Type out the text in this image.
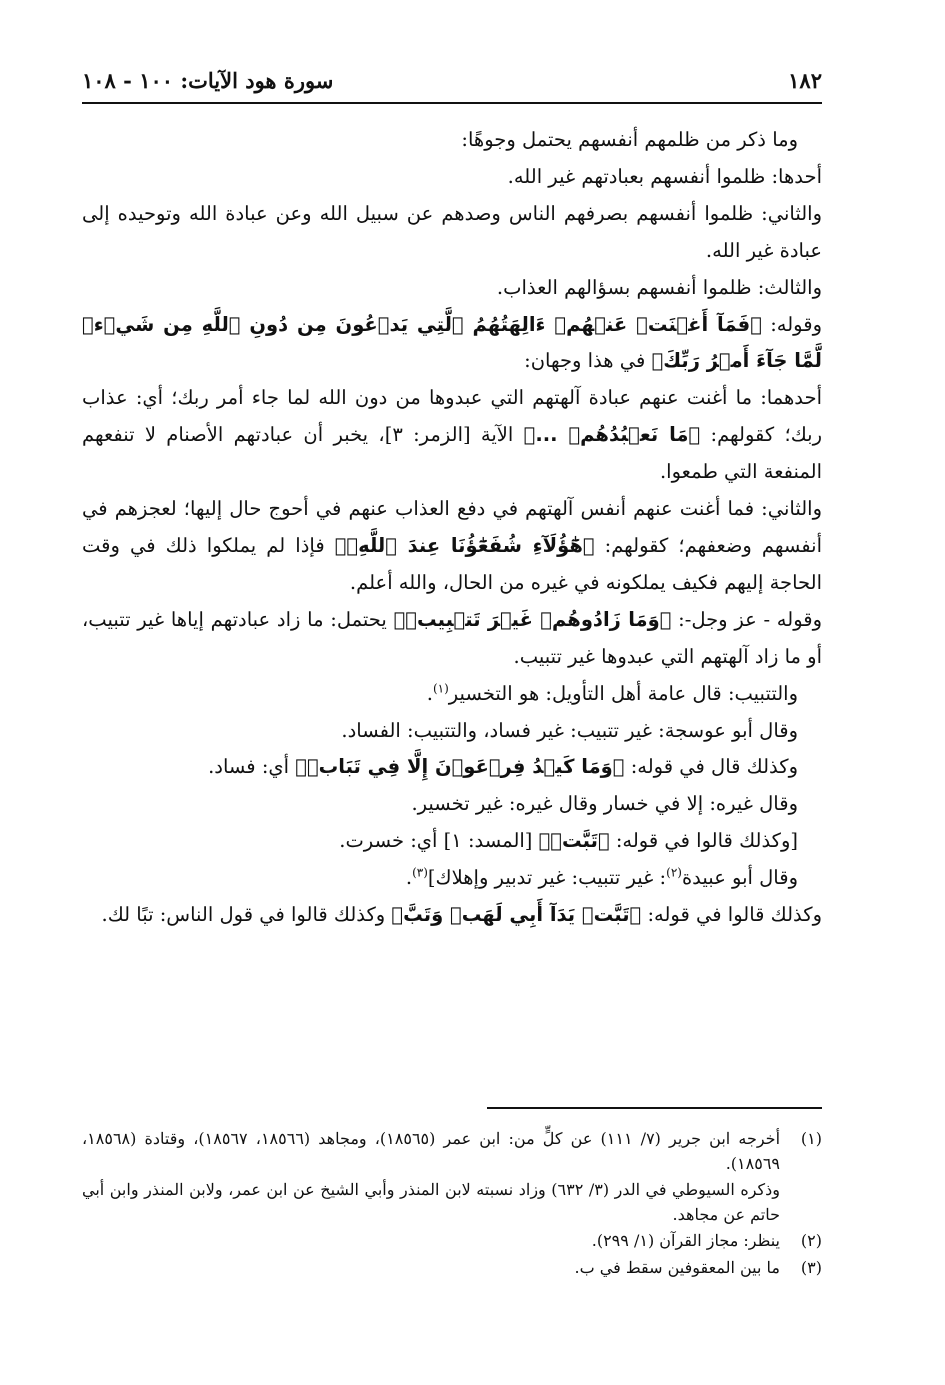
١٨٢
سورة هود الآيات: ١٠٠ - ١٠٨

وما ذكر من ظلمهم أنفسهم يحتمل وجوهًا:

أحدها: ظلموا أنفسهم بعبادتهم غير الله.

والثاني: ظلموا أنفسهم بصرفهم الناس وصدهم عن سبيل الله وعن عبادة الله وتوحيده إلى عبادة غير الله.

والثالث: ظلموا أنفسهم بسؤالهم العذاب.

وقوله: ﴿فَمَآ أَغۡنَتۡ عَنۡهُمۡ ءَالِهَتُهُمُ ٱلَّتِي يَدۡعُونَ مِن دُونِ ٱللَّهِ مِن شَيۡءٖ لَّمَّا جَآءَ أَمۡرُ رَبِّكَ﴾ في هذا وجهان:

أحدهما: ما أغنت عنهم عبادة آلهتهم التي عبدوها من دون الله لما جاء أمر ربك؛ أي: عذاب ربك؛ كقولهم: ﴿مَا نَعۡبُدُهُمۡ ...﴾ الآية [الزمر: ٣]، يخبر أن عبادتهم الأصنام لا تنفعهم المنفعة التي طمعوا.

والثاني: فما أغنت عنهم أنفس آلهتهم في دفع العذاب عنهم في أحوج حال إليها؛ لعجزهم في أنفسهم وضعفهم؛ كقولهم: ﴿هَٰٓؤُلَآءِ شُفَعَٰٓؤُنَا عِندَ ٱللَّهِۚ﴾ فإذا لم يملكوا ذلك في وقت الحاجة إليهم فكيف يملكونه في غيره من الحال، والله أعلم.

وقوله - عز وجل-: ﴿وَمَا زَادُوهُمۡ غَيۡرَ تَتۡبِيبٖ﴾ يحتمل: ما زاد عبادتهم إياها غير تتبيب، أو ما زاد آلهتهم التي عبدوها غير تتبيب.

والتتبيب: قال عامة أهل التأويل: هو التخسير$^{(١)}$.

وقال أبو عوسجة: غير تتبيب: غير فساد، والتتبيب: الفساد.

وكذلك قال في قوله: ﴿وَمَا كَيۡدُ فِرۡعَوۡنَ إِلَّا فِي تَبَابٖ﴾ أي: فساد.

وقال غيره: إلا في خسار وقال غيره: غير تخسير.

[وكذلك قالوا في قوله: ﴿تَبَّتۡ﴾ [المسد: ١] أي: خسرت.

وقال أبو عبيدة$^{(٢)}$: غير تتبيب: غير تدبير وإهلاك]$^{(٣)}$.

وكذلك قالوا في قوله: ﴿تَبَّتۡ يَدَآ أَبِي لَهَبٖ وَتَبَّ﴾ وكذلك قالوا في قول الناس: تبًا لك.

(١)
أخرجه ابن جرير (٧/ ١١١) عن كلٍّ من: ابن عمر (١٨٥٦٥)، ومجاهد (١٨٥٦٦، ١٨٥٦٧)، وقتادة (١٨٥٦٨، ١٨٥٦٩).
وذكره السيوطي في الدر (٣/ ٦٣٢) وزاد نسبته لابن المنذر وأبي الشيخ عن ابن عمر، ولابن المنذر وابن أبي حاتم عن مجاهد.
(٢)
ينظر: مجاز القرآن (١/ ٢٩٩).
(٣)
ما بين المعقوفين سقط في ب.
